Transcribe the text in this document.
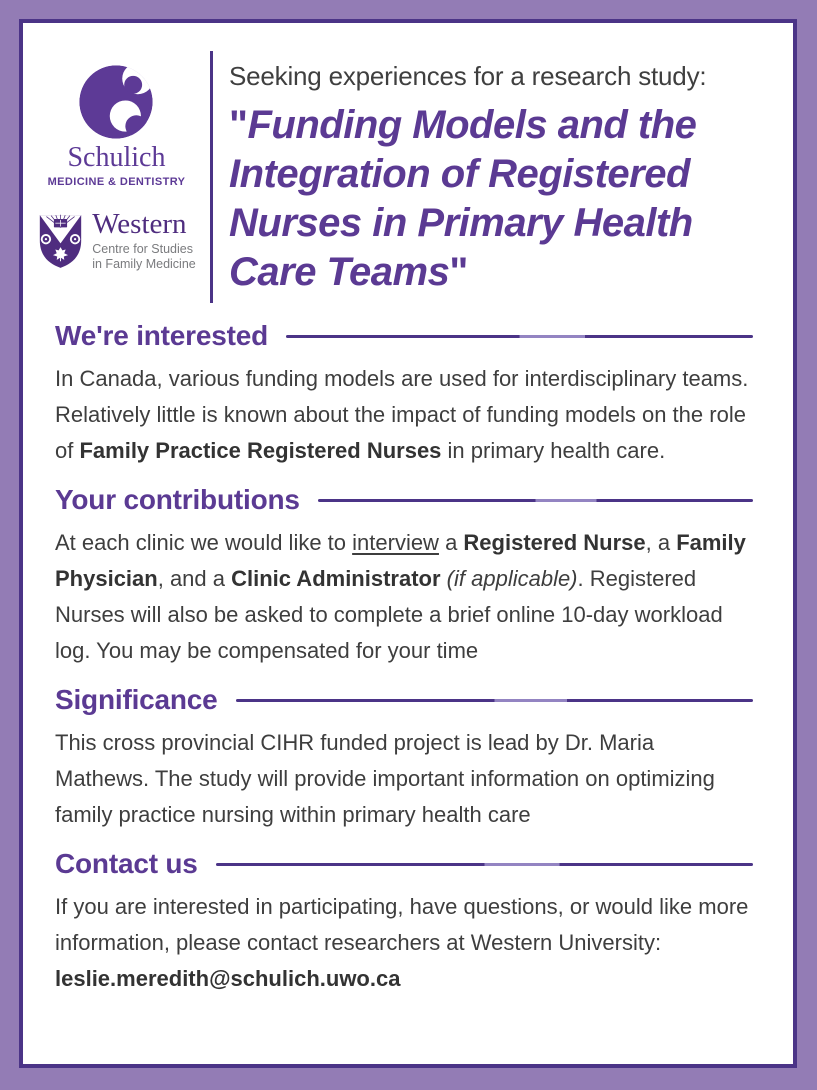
Schulich
MEDICINE & DENTISTRY
Western
Centre for Studies
in Family Medicine
Seeking experiences for a research study:
"Funding Models and the Integration of Registered Nurses in Primary Health Care Teams"
We're interested

In Canada, various funding models are used for interdisciplinary teams. Relatively little is known about the impact of funding models on the role of Family Practice Registered Nurses in primary health care.

Your contributions

At each clinic we would like to interview a Registered Nurse, a Family Physician, and a Clinic Administrator (if applicable). Registered Nurses will also be asked to complete a brief online 10-day workload log. You may be compensated for your time

Significance

This cross provincial CIHR funded project is lead by Dr. Maria Mathews. The study will provide important information on optimizing family practice nursing within primary health care

Contact us

If you are interested in participating, have questions, or would like more information, please contact researchers at Western University: leslie.meredith@schulich.uwo.ca
